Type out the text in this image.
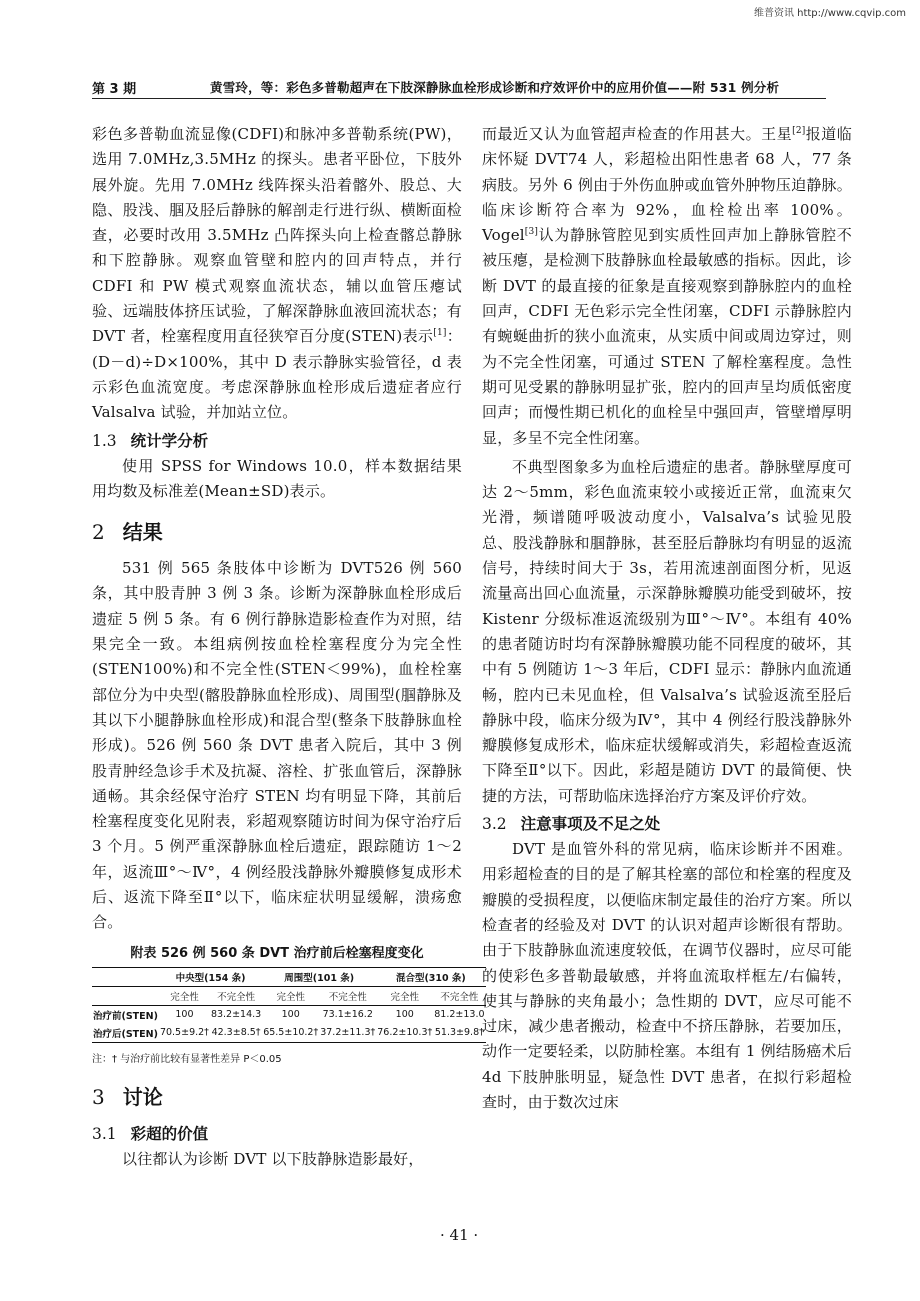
维普资讯 http://www.cqvip.com
第 3 期	黄雪玲，等：彩色多普勒超声在下肢深静脉血栓形成诊断和疗效评价中的应用价值——附 531 例分析

彩色多普勒血流显像(CDFI)和脉冲多普勒系统(PW)，选用 7.0MHz,3.5MHz 的探头。患者平卧位，下肢外展外旋。先用 7.0MHz 线阵探头沿着髂外、股总、大隐、股浅、腘及胫后静脉的解剖走行进行纵、横断面检查，必要时改用 3.5MHz 凸阵探头向上检查髂总静脉和下腔静脉。观察血管壁和腔内的回声特点，并行 CDFI 和 PW 模式观察血流状态，辅以血管压瘪试验、远端肢体挤压试验，了解深静脉血液回流状态；有 DVT 者，栓塞程度用直径狭窄百分度(STEN)表示[1]：(D－d)÷D×100%，其中 D 表示静脉实验管径，d 表示彩色血流宽度。考虑深静脉血栓形成后遗症者应行 Valsalva 试验，并加站立位。

1.3 统计学分析

使用 SPSS for Windows 10.0，样本数据结果用均数及标准差(Mean±SD)表示。

2 结果

531 例 565 条肢体中诊断为 DVT526 例 560 条，其中股青肿 3 例 3 条。诊断为深静脉血栓形成后遗症 5 例 5 条。有 6 例行静脉造影检查作为对照，结果完全一致。本组病例按血栓栓塞程度分为完全性(STEN100%)和不完全性(STEN＜99%)，血栓栓塞部位分为中央型(髂股静脉血栓形成)、周围型(腘静脉及其以下小腿静脉血栓形成)和混合型(整条下肢静脉血栓形成)。526 例 560 条 DVT 患者入院后，其中 3 例股青肿经急诊手术及抗凝、溶栓、扩张血管后，深静脉通畅。其余经保守治疗 STEN 均有明显下降，其前后栓塞程度变化见附表，彩超观察随访时间为保守治疗后 3 个月。5 例严重深静脉血栓后遗症，跟踪随访 1～2 年，返流Ⅲ°～Ⅳ°，4 例经股浅静脉外瓣膜修复成形术后、返流下降至Ⅱ°以下，临床症状明显缓解，溃疡愈合。

附表 526 例 560 条 DVT 治疗前后栓塞程度变化
	中央型(154 条)		周围型(101 条)		混合型(310 条)	
	完全性	不完全性	完全性	不完全性	完全性	不完全性
治疗前(STEN)	100	83.2±14.3	100	73.1±16.2	100	81.2±13.0
治疗后(STEN)	70.5±9.2†	42.3±8.5†	65.5±10.2†	37.2±11.3†	76.2±10.3†	51.3±9.8†
注：† 与治疗前比较有显著性差异 P＜0.05
3 讨论
3.1 彩超的价值

以往都认为诊断 DVT 以下肢静脉造影最好，

而最近又认为血管超声检查的作用甚大。王星[2]报道临床怀疑 DVT74 人，彩超检出阳性患者 68 人，77 条病肢。另外 6 例由于外伤血肿或血管外肿物压迫静脉。临床诊断符合率为 92%，血栓检出率 100%。Vogel[3]认为静脉管腔见到实质性回声加上静脉管腔不被压瘪，是检测下肢静脉血栓最敏感的指标。因此，诊断 DVT 的最直接的征象是直接观察到静脉腔内的血栓回声，CDFI 无色彩示完全性闭塞，CDFI 示静脉腔内有蜿蜒曲折的狭小血流束，从实质中间或周边穿过，则为不完全性闭塞，可通过 STEN 了解栓塞程度。急性期可见受累的静脉明显扩张，腔内的回声呈均质低密度回声；而慢性期已机化的血栓呈中强回声，管壁增厚明显，多呈不完全性闭塞。

不典型图象多为血栓后遗症的患者。静脉壁厚度可达 2～5mm，彩色血流束较小或接近正常，血流束欠光滑，频谱随呼吸波动度小，Valsalva’s 试验见股总、股浅静脉和腘静脉，甚至胫后静脉均有明显的返流信号，持续时间大于 3s，若用流速剖面图分析，见返流量高出回心血流量，示深静脉瓣膜功能受到破坏，按 Kistenr 分级标准返流级别为Ⅲ°～Ⅳ°。本组有 40% 的患者随访时均有深静脉瓣膜功能不同程度的破坏，其中有 5 例随访 1～3 年后，CDFI 显示：静脉内血流通畅，腔内已未见血栓，但 Valsalva’s 试验返流至胫后静脉中段，临床分级为Ⅳ°，其中 4 例经行股浅静脉外瓣膜修复成形术，临床症状缓解或消失，彩超检查返流下降至Ⅱ°以下。因此，彩超是随访 DVT 的最简便、快捷的方法，可帮助临床选择治疗方案及评价疗效。

3.2 注意事项及不足之处

DVT 是血管外科的常见病，临床诊断并不困难。用彩超检查的目的是了解其栓塞的部位和栓塞的程度及瓣膜的受损程度，以便临床制定最佳的治疗方案。所以检查者的经验及对 DVT 的认识对超声诊断很有帮助。由于下肢静脉血流速度较低，在调节仪器时，应尽可能的使彩色多普勒最敏感，并将血流取样框左/右偏转，使其与静脉的夹角最小；急性期的 DVT，应尽可能不过床，减少患者搬动，检查中不挤压静脉，若要加压，动作一定要轻柔，以防肺栓塞。本组有 1 例结肠癌术后 4d 下肢肿胀明显，疑急性 DVT 患者，在拟行彩超检查时，由于数次过床

· 41 ·
